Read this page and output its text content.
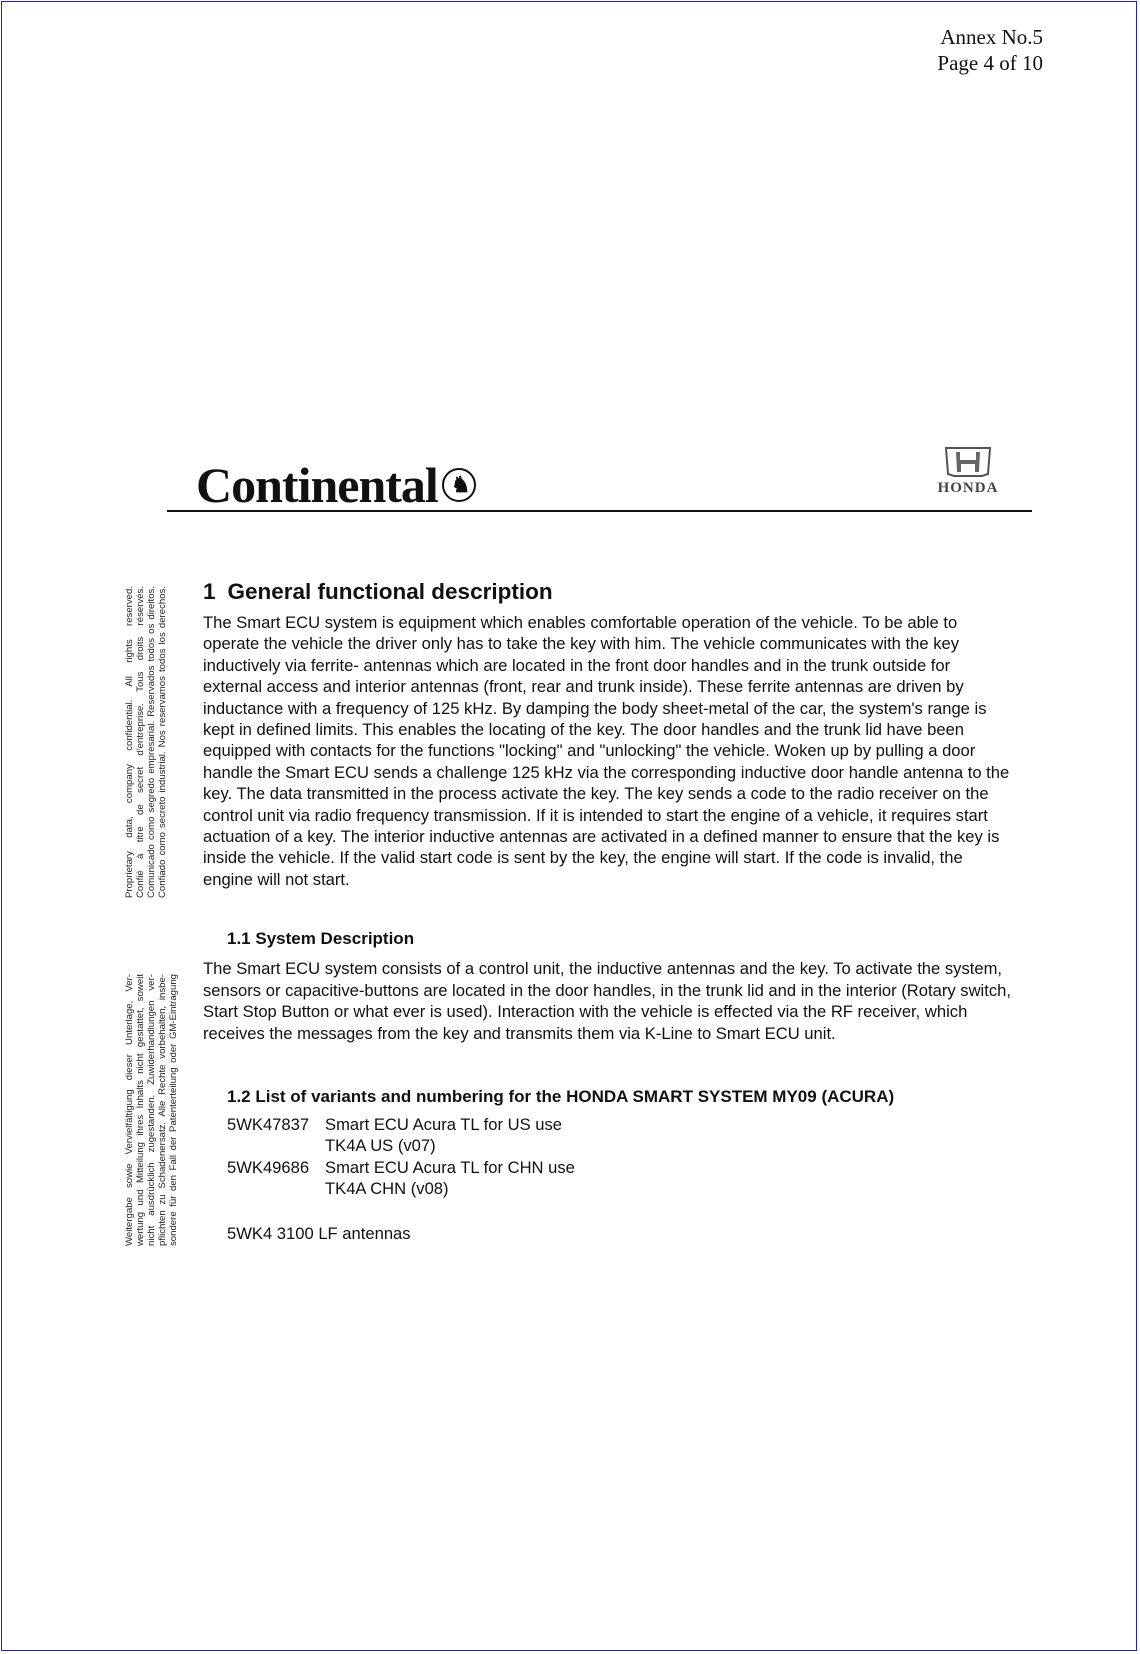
Annex No.5
Page 4 of 10
Continental♞	HONDA
Proprietary data, company confidential. All rights reserved. Confié à titre de secret d'entreprise. Tous droits réservés. Comunicado como segredo empresarial. Reservados todos os direitos. Confiado como secreto industrial. Nos reservamos todos los derechos.
Weitergabe sowie Vervielfältigung dieser Unterlage, Ver- wertung und Mitteilung ihres Inhalts nicht gestattet, soweit nicht ausdrücklich zugestanden. Zuwiderhandlungen ver- pflichten zu Schadenersatz. Alle Rechte vorbehalten, insbe- sondere für den Fall der Patenterteilung oder GM-Eintragung
1 General functional description

The Smart ECU system is equipment which enables comfortable operation of the vehicle. To be able to operate the vehicle the driver only has to take the key with him. The vehicle communicates with the key inductively via ferrite- antennas which are located in the front door handles and in the trunk outside for external access and interior antennas (front, rear and trunk inside). These ferrite antennas are driven by inductance with a frequency of 125 kHz. By damping the body sheet-metal of the car, the system's range is kept in defined limits. This enables the locating of the key. The door handles and the trunk lid have been equipped with contacts for the functions "locking" and "unlocking" the vehicle. Woken up by pulling a door handle the Smart ECU sends a challenge 125 kHz via the corresponding inductive door handle antenna to the key. The data transmitted in the process activate the key. The key sends a code to the radio receiver on the control unit via radio frequency transmission. If it is intended to start the engine of a vehicle, it requires start actuation of a key. The interior inductive antennas are activated in a defined manner to ensure that the key is inside the vehicle. If the valid start code is sent by the key, the engine will start. If the code is invalid, the engine will not start.

1.1 System Description

The Smart ECU system consists of a control unit, the inductive antennas and the key. To activate the system, sensors or capacitive-buttons are located in the door handles, in the trunk lid and in the interior (Rotary switch, Start Stop Button or what ever is used). Interaction with the vehicle is effected via the RF receiver, which receives the messages from the key and transmits them via K-Line to Smart ECU unit.

1.2 List of variants and numbering for the HONDA SMART SYSTEM MY09 (ACURA)
5WK47837 Smart ECU Acura TL for US use
TK4A US (v07)
5WK49686 Smart ECU Acura TL for CHN use
TK4A CHN (v08)
5WK4 3100 LF antennas
